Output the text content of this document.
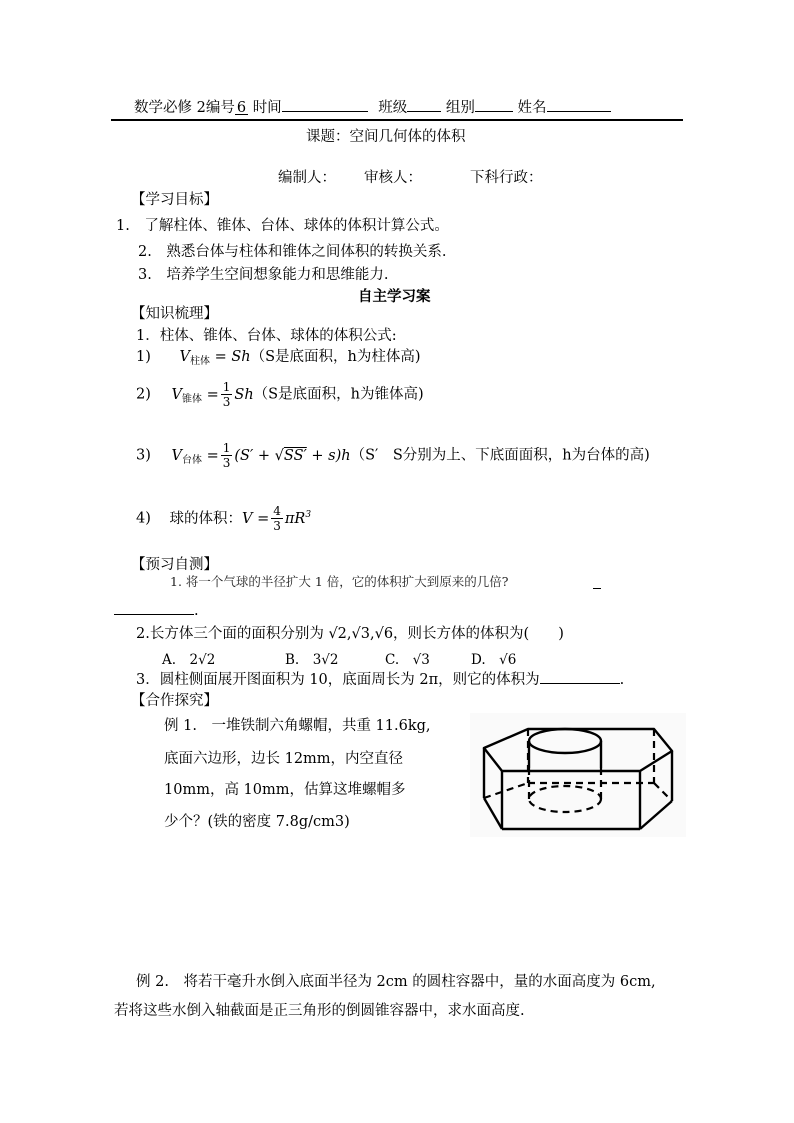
数学必修 2编号 6 时间	班级	组别	姓名
课题：空间几何体的体积
编制人： 审核人：	下科行政：
【学习目标】
1.　了解柱体、锥体、台体、球体的体积计算公式。
2.　熟悉台体与柱体和锥体之间体积的转换关系.
3.　培养学生空间想象能力和思维能力.
自主学习案
【知识梳理】
1．柱体、锥体、台体、球体的体积公式:
1) $V_{柱体} = Sh(S$是底面积，h为柱体高)
2) $V_{锥体} = \frac{1}{3} Sh(S$是底面积，h为锥体高)
3) $V_{台体} = \frac{1}{3} (S' + √SS' + s)h(S'$　S分别为上、下底面面积，h为台体的高)
4) 球的体积：$V = \frac{4}{3} \pi R^3$
【预习自测】
1. 将一个气球的半径扩大 1 倍，它的体积扩大到原来的几倍?
.
2.长方体三个面的面积分别为 √2,√3,√6，则长方体的体积为(　　)
A.　2√2	B.　3√2	C.　√3	D.　√6
3．圆柱侧面展开图面积为 10，底面周长为 2π，则它的体积为	.
【合作探究】
例 1.　一堆铁制六角螺帽，共重 11.6kg,
底面六边形，边长 12mm，内空直径
10mm，高 10mm，估算这堆螺帽多
少个？(铁的密度 7.8g/cm3)
例 2.　将若干毫升水倒入底面半径为 2cm 的圆柱容器中，量的水面高度为 6cm,
若将这些水倒入轴截面是正三角形的倒圆锥容器中，求水面高度.
